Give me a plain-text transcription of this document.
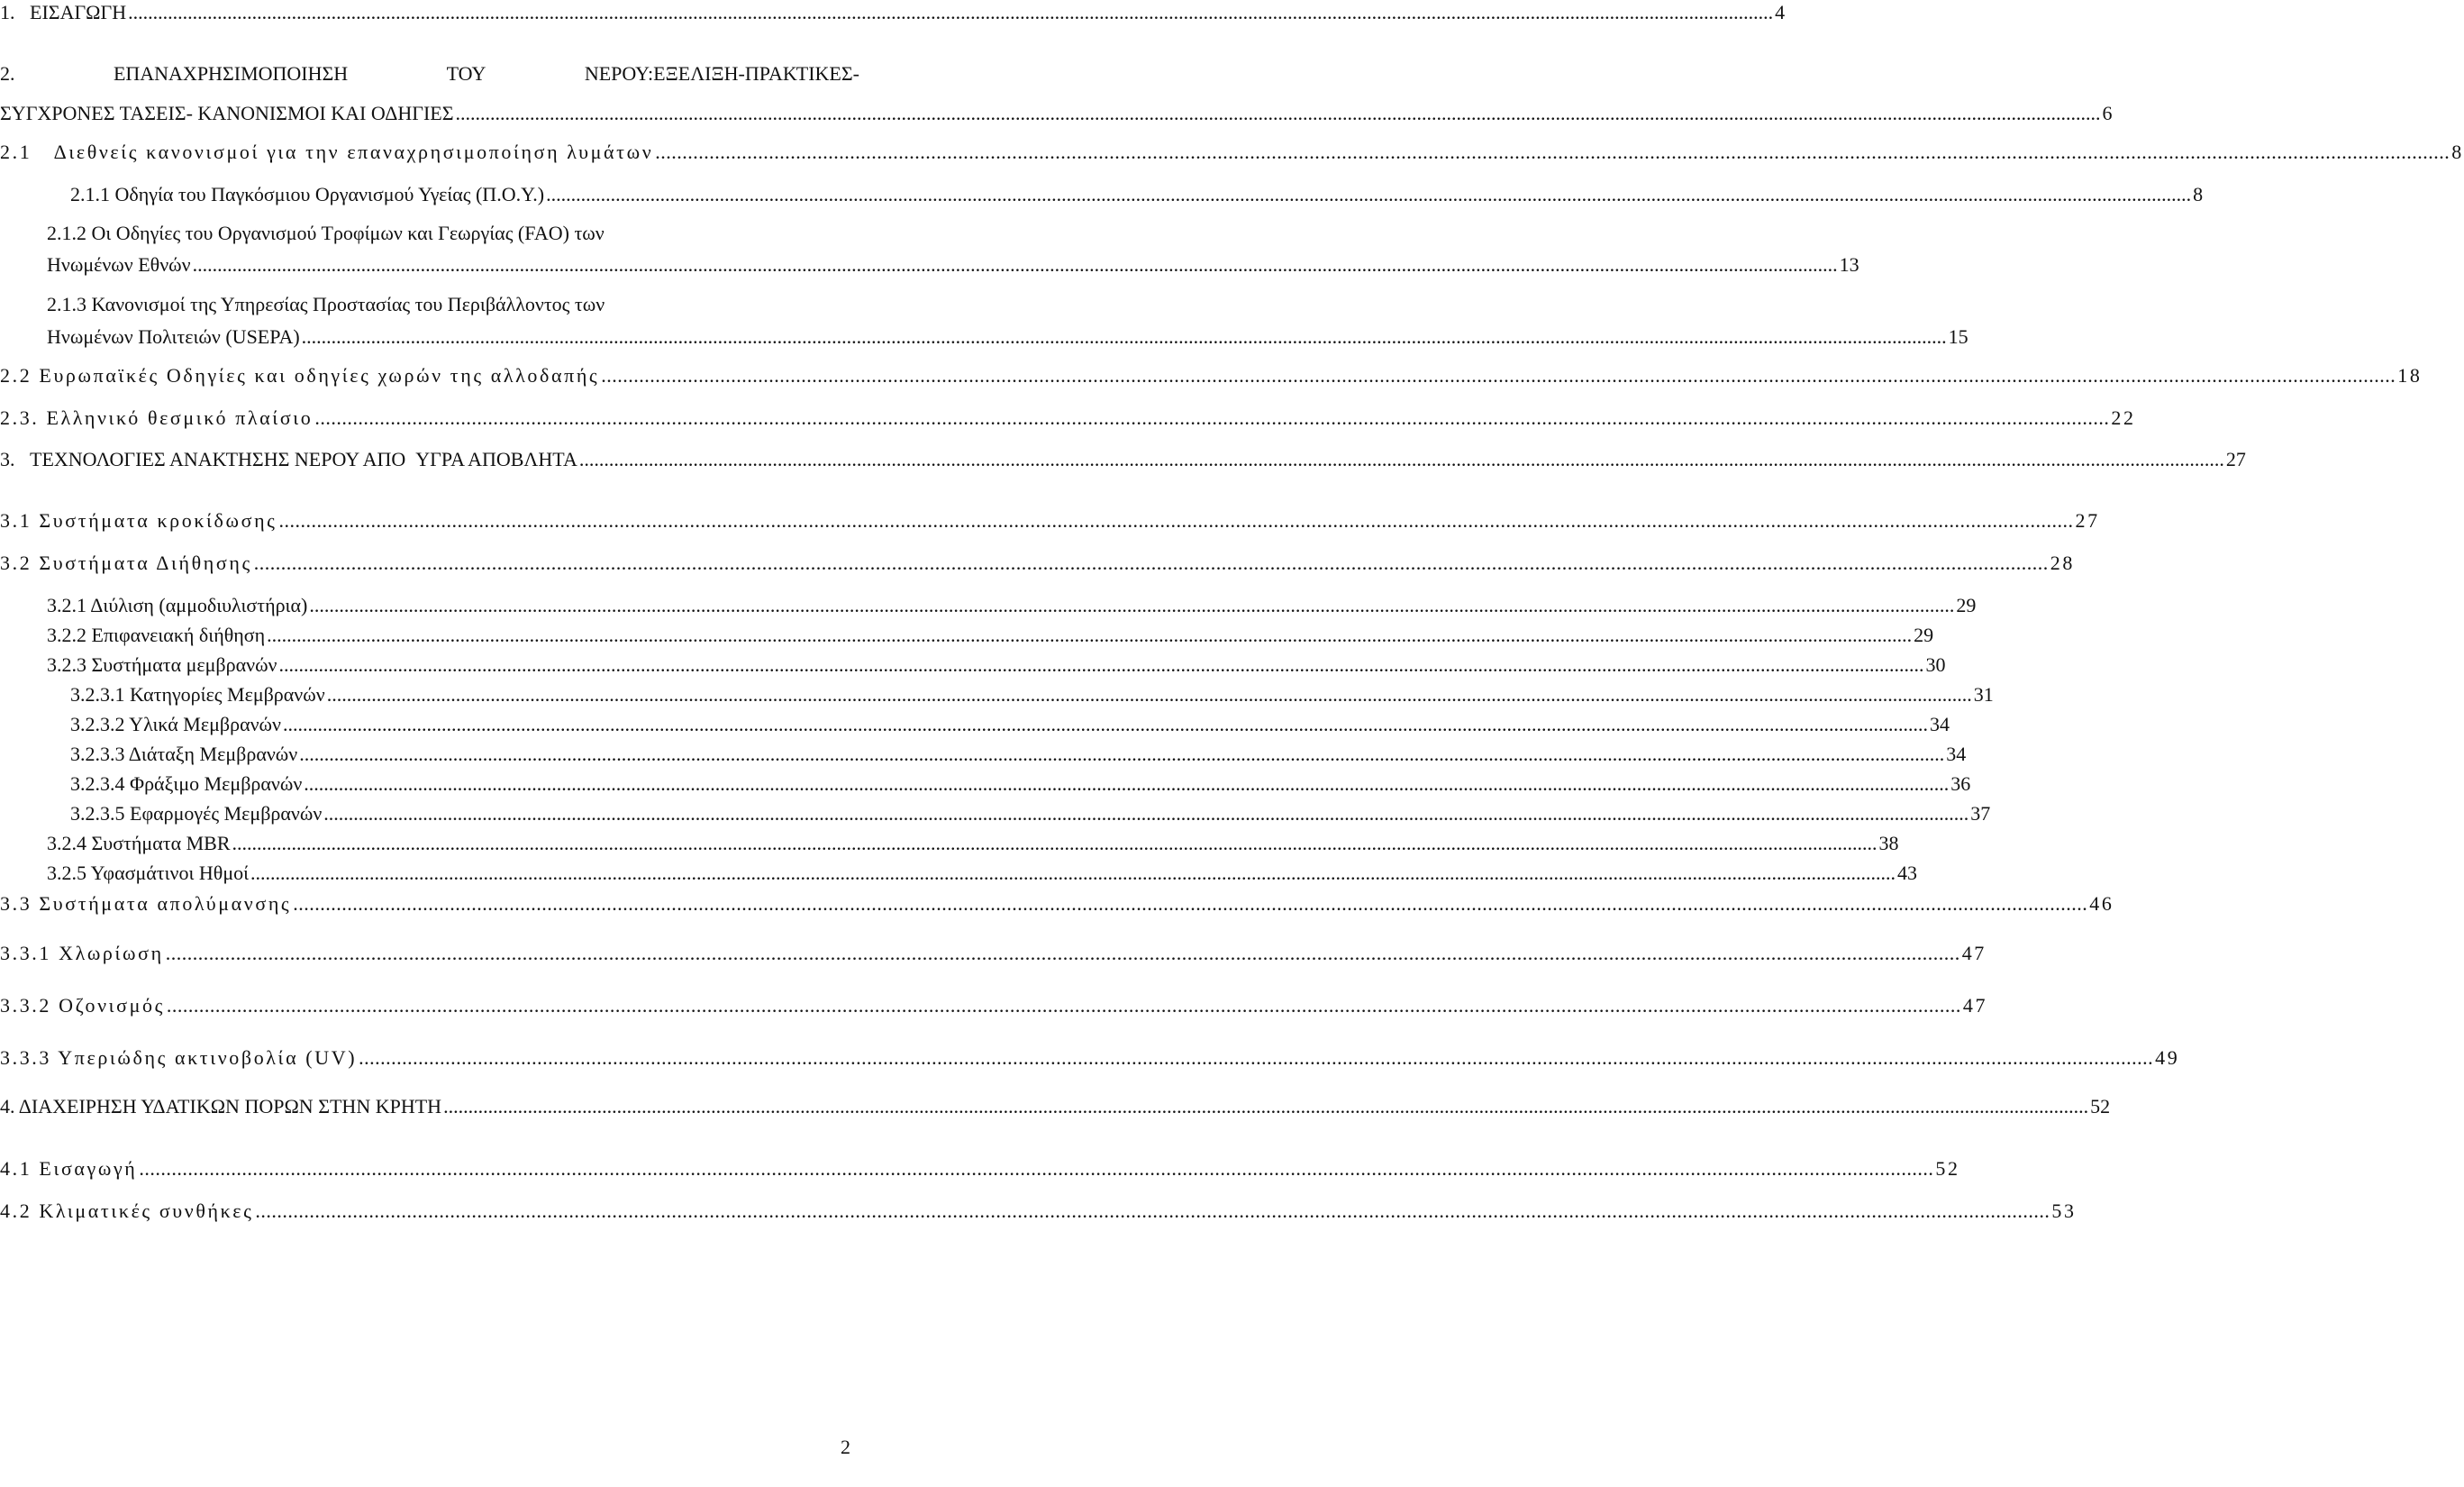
1.   ΕΙΣΑΓΩΓΗ .....	4
2.	ΕΠΑΝΑΧΡΗΣΙΜΟΠΟΙΗΣΗ	ΤΟΥ	ΝΕΡΟΥ:ΕΞΕΛΙΞΗ-ΠΡΑΚΤΙΚΕΣ-
ΣΥΓΧΡΟΝΕΣ ΤΑΣΕΙΣ- ΚΑΝΟΝΙΣΜΟΙ ΚΑΙ ΟΔΗΓΙΕΣ .....	6
2.1   Διεθνείς κανονισμοί για την επαναχρησιμοποίηση λυμάτων .....	8
2.1.1 Οδηγία του Παγκόσμιου Οργανισμού Υγείας (Π.Ο.Υ.) .....	8
2.1.2 Οι Οδηγίες του Οργανισμού Τροφίμων και Γεωργίας (FAO) των
Ηνωμένων Εθνών .....	13
2.1.3 Κανονισμοί της Υπηρεσίας Προστασίας του Περιβάλλοντος των
Ηνωμένων Πολιτειών (USEPA) .....	15
2.2 Ευρωπαϊκές Οδηγίες και οδηγίες χωρών της αλλοδαπής .....	18
2.3. Ελληνικό θεσμικό πλαίσιο .....	22
3.   ΤΕΧΝΟΛΟΓΙΕΣ ΑΝΑΚΤΗΣΗΣ ΝΕΡΟΥ ΑΠΟ  ΥΓΡΑ ΑΠΟΒΛΗΤΑ .....	27
3.1 Συστήματα κροκίδωσης .....	27
3.2 Συστήματα Διήθησης .....	28
3.2.1 Διύλιση (αμμοδιυλιστήρια) .....	29
3.2.2 Επιφανειακή διήθηση .....	29
3.2.3 Συστήματα μεμβρανών .....	30
3.2.3.1 Κατηγορίες Μεμβρανών .....	31
3.2.3.2 Υλικά Μεμβρανών .....	34
3.2.3.3 Διάταξη Μεμβρανών .....	34
3.2.3.4 Φράξιμο Μεμβρανών .....	36
3.2.3.5 Εφαρμογές Μεμβρανών .....	37
3.2.4 Συστήματα MBR .....	38
3.2.5 Υφασμάτινοι Ηθμοί .....	43
3.3 Συστήματα απολύμανσης .....	46
3.3.1 Χλωρίωση .....	47
3.3.2 Οζονισμός .....	47
3.3.3 Υπεριώδης ακτινοβολία (UV) .....	49
4. ΔΙΑΧΕΙΡΗΣΗ ΥΔΑΤΙΚΩΝ ΠΟΡΩΝ ΣΤΗΝ ΚΡΗΤΗ .....	52
4.1 Εισαγωγή .....	52
4.2 Κλιματικές συνθήκες .....	53
2
